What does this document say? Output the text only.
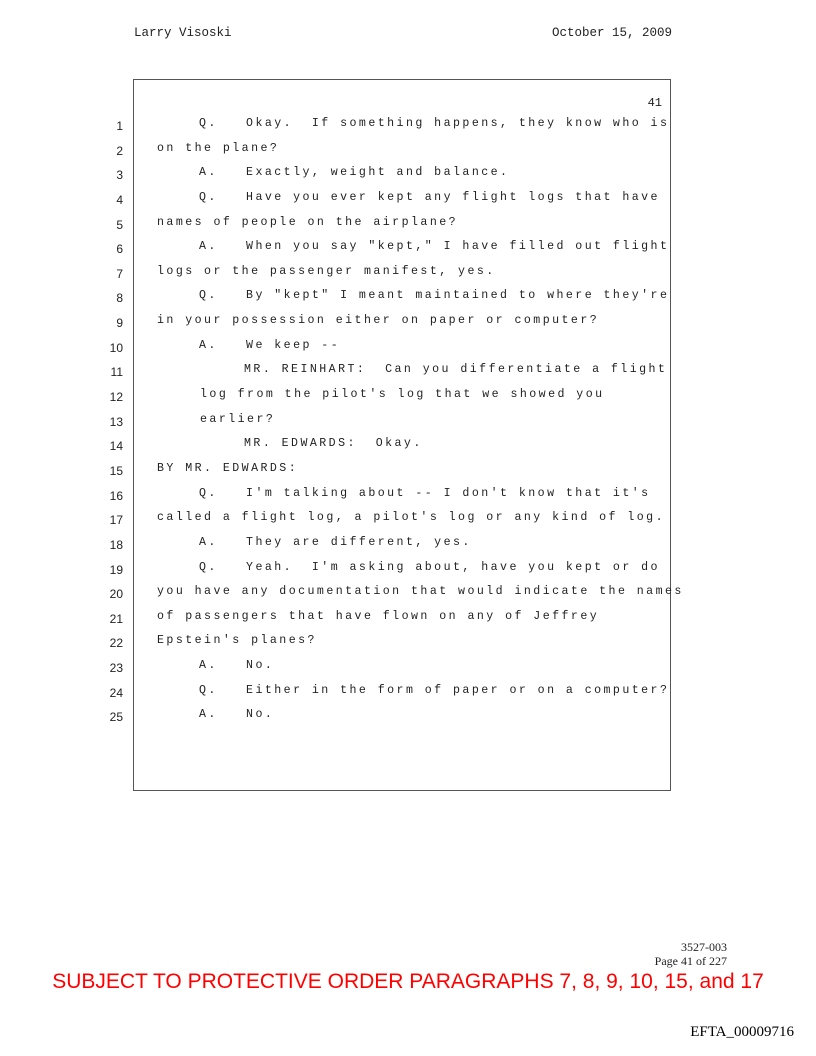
Larry Visoski	October 15, 2009
41
1	Q.   Okay.  If something happens, they know who is
2	on the plane?
3	A.   Exactly, weight and balance.
4	Q.   Have you ever kept any flight logs that have
5	names of people on the airplane?
6	A.   When you say "kept," I have filled out flight
7	logs or the passenger manifest, yes.
8	Q.   By "kept" I meant maintained to where they're
9	in your possession either on paper or computer?
10	A.   We keep --
11	MR. REINHART:  Can you differentiate a flight
12	log from the pilot's log that we showed you
13	earlier?
14	MR. EDWARDS:  Okay.
15	BY MR. EDWARDS:
16	Q.   I'm talking about -- I don't know that it's
17	called a flight log, a pilot's log or any kind of log.
18	A.   They are different, yes.
19	Q.   Yeah.  I'm asking about, have you kept or do
20	you have any documentation that would indicate the names
21	of passengers that have flown on any of Jeffrey
22	Epstein's planes?
23	A.   No.
24	Q.   Either in the form of paper or on a computer?
25	A.   No.
3527-003
Page 41 of 227
SUBJECT TO PROTECTIVE ORDER PARAGRAPHS 7, 8, 9, 10, 15, and 17
EFTA_00009716
